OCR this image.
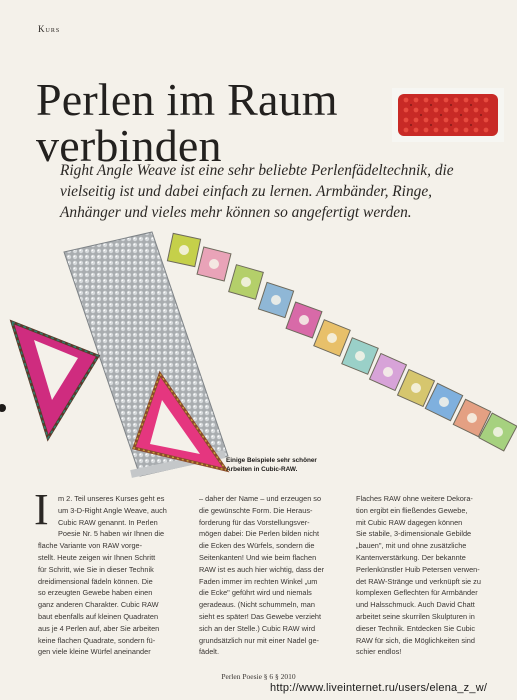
Kurs
Perlen im Raum
verbinden
Right Angle Weave ist eine sehr beliebte Perlenfädeltechnik, die
vielseitig ist und dabei einfach zu lernen. Armbänder, Ringe,
Anhänger und vieles mehr können so angefertigt werden.
Einige Beispiele sehr schöner
Arbeiten in Cubic-RAW.
I	m 2. Teil unseres Kurses geht es
um 3-D-Right Angle Weave, auch
Cubic RAW genannt. In Perlen
Poesie Nr. 5 haben wir Ihnen die
flache Variante von RAW vorge-
stellt. Heute zeigen wir Ihnen Schritt
für Schritt, wie Sie in dieser Technik
dreidimensional fädeln können. Die
so erzeugten Gewebe haben einen
ganz anderen Charakter. Cubic RAW
baut ebenfalls auf kleinen Quadraten
aus je 4 Perlen auf, aber Sie arbeiten
keine flachen Quadrate, sondern fü-
gen viele kleine Würfel aneinander
– daher der Name – und erzeugen so
die gewünschte Form. Die Heraus-
forderung für das Vorstellungsver-
mögen dabei: Die Perlen bilden nicht
die Ecken des Würfels, sondern die
Seitenkanten! Und wie beim flachen
RAW ist es auch hier wichtig, dass der
Faden immer im rechten Winkel „um
die Ecke" geführt wird und niemals
geradeaus. (Nicht schummeln, man
sieht es später! Das Gewebe verzieht
sich an der Stelle.) Cubic RAW wird
grundsätzlich nur mit einer Nadel ge-
fädelt.
Flaches RAW ohne weitere Dekora-
tion ergibt ein fließendes Gewebe,
mit Cubic RAW dagegen können
Sie stabile, 3-dimensionale Gebilde
„bauen", mit und ohne zusätzliche
Kantenverstärkung. Der bekannte
Perlenkünstler Huib Petersen verwen-
det RAW-Stränge und verknüpft sie zu
komplexen Geflechten für Armbänder
und Halsschmuck. Auch David Chatt
arbeitet seine skurrilen Skulpturen in
dieser Technik. Entdecken Sie Cubic
RAW für sich, die Möglichkeiten sind
schier endlos!
Perlen Poesie § 6 § 2010
http://www.liveinternet.ru/users/elena_z_w/
